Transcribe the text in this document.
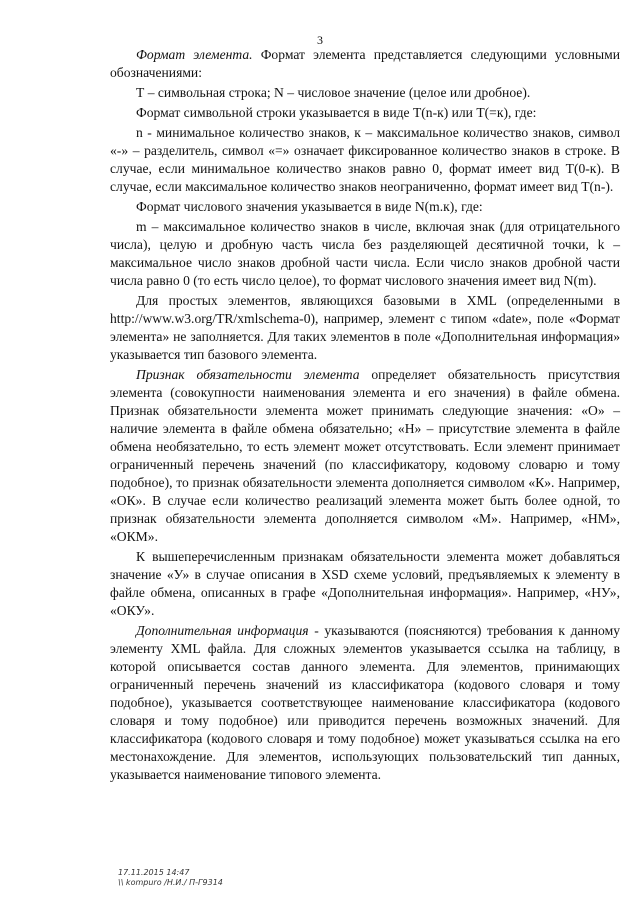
3

Формат элемента. Формат элемента представляется следующими условными обозначениями:

Т – символьная строка; N – числовое значение (целое или дробное).

Формат символьной строки указывается в виде Т(n-к) или Т(=к), где:

n - минимальное количество знаков, к – максимальное количество знаков, символ «-» – разделитель, символ «=» означает фиксированное количество знаков в строке. В случае, если минимальное количество знаков равно 0, формат имеет вид Т(0-к). В случае, если максимальное количество знаков неограниченно, формат имеет вид Т(n-).

Формат числового значения указывается в виде N(m.к), где:

m – максимальное количество знаков в числе, включая знак (для отрицательного числа), целую и дробную часть числа без разделяющей десятичной точки, k – максимальное число знаков дробной части числа. Если число знаков дробной части числа равно 0 (то есть число целое), то формат числового значения имеет вид N(m).

Для простых элементов, являющихся базовыми в XML (определенными в http://www.w3.org/TR/xmlschema-0), например, элемент с типом «date», поле «Формат элемента» не заполняется. Для таких элементов в поле «Дополнительная информация» указывается тип базового элемента.

Признак обязательности элемента определяет обязательность присутствия элемента (совокупности наименования элемента и его значения) в файле обмена. Признак обязательности элемента может принимать следующие значения: «О» – наличие элемента в файле обмена обязательно; «Н» – присутствие элемента в файле обмена необязательно, то есть элемент может отсутствовать. Если элемент принимает ограниченный перечень значений (по классификатору, кодовому словарю и тому подобное), то признак обязательности элемента дополняется символом «К». Например, «ОК». В случае если количество реализаций элемента может быть более одной, то признак обязательности элемента дополняется символом «М». Например, «НМ», «ОКМ».

К вышеперечисленным признакам обязательности элемента может добавляться значение «У» в случае описания в XSD схеме условий, предъявляемых к элементу в файле обмена, описанных в графе «Дополнительная информация». Например, «НУ», «ОКУ».

Дополнительная информация - указываются (поясняются) требования к данному элементу XML файла. Для сложных элементов указывается ссылка на таблицу, в которой описывается состав данного элемента. Для элементов, принимающих ограниченный перечень значений из классификатора (кодового словаря и тому подобное), указывается соответствующее наименование классификатора (кодового словаря и тому подобное) или приводится перечень возможных значений. Для классификатора (кодового словаря и тому подобное) может указываться ссылка на его местонахождение. Для элементов, использующих пользовательский тип данных, указывается наименование типового элемента.

17.11.2015 14:47
\\ kompuro /Н.И./ П-Г9314
